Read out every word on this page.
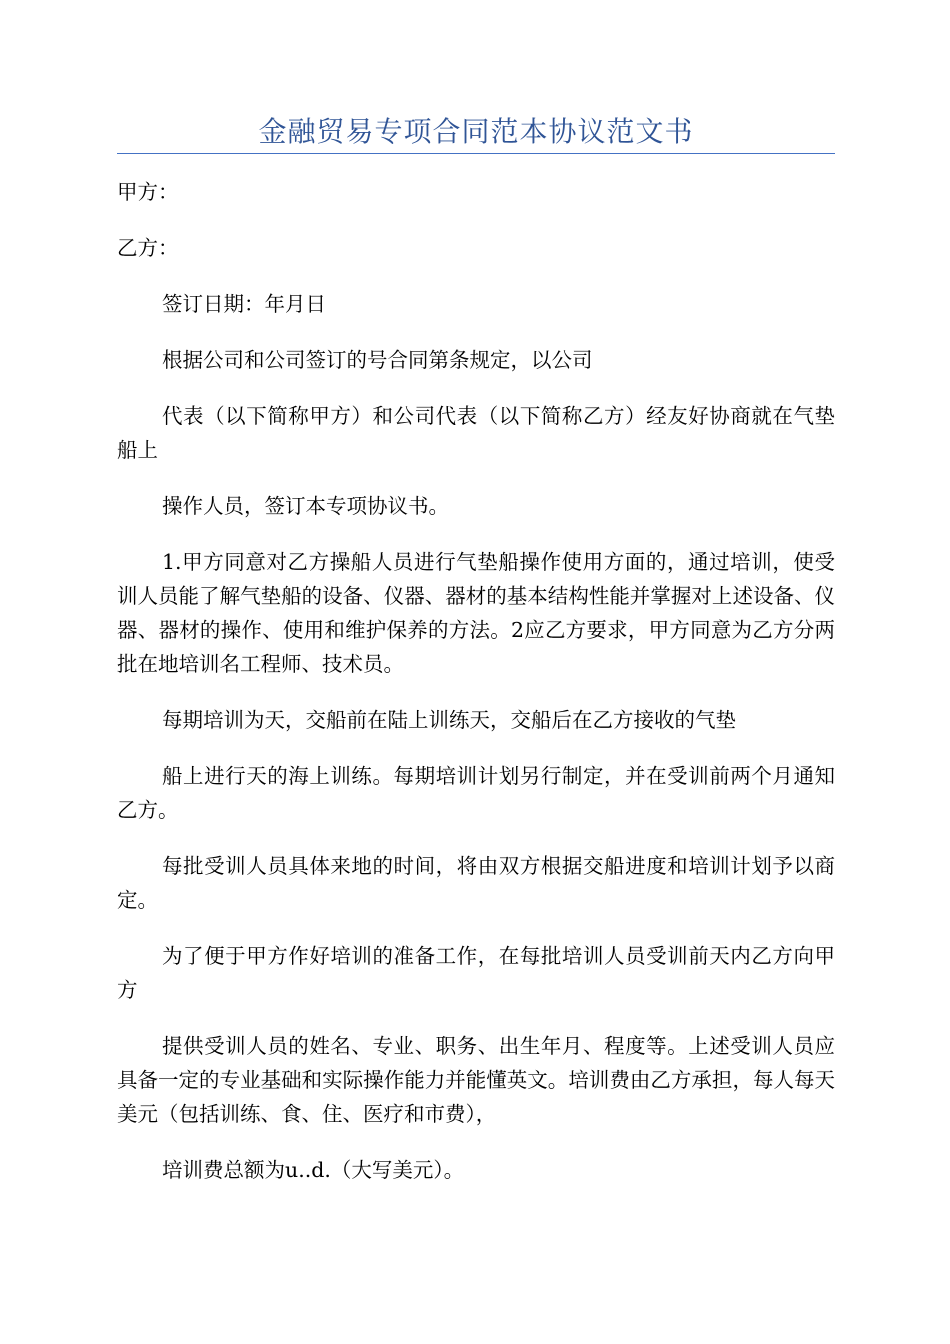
金融贸易专项合同范本协议范文书

甲方：

乙方：

签订日期：年月日

根据公司和公司签订的号合同第条规定，以公司

代表（以下简称甲方）和公司代表（以下简称乙方）经友好协商就在气垫船上

操作人员，签订本专项协议书。

1.甲方同意对乙方操船人员进行气垫船操作使用方面的，通过培训，使受训人员能了解气垫船的设备、仪器、器材的基本结构性能并掌握对上述设备、仪器、器材的操作、使用和维护保养的方法。2应乙方要求，甲方同意为乙方分两批在地培训名工程师、技术员。

每期培训为天，交船前在陆上训练天，交船后在乙方接收的气垫

船上进行天的海上训练。每期培训计划另行制定，并在受训前两个月通知乙方。

每批受训人员具体来地的时间，将由双方根据交船进度和培训计划予以商定。

为了便于甲方作好培训的准备工作，在每批培训人员受训前天内乙方向甲方

提供受训人员的姓名、专业、职务、出生年月、程度等。上述受训人员应具备一定的专业基础和实际操作能力并能懂英文。培训费由乙方承担，每人每天美元（包括训练、食、住、医疗和市费），

培训费总额为u..d.（大写美元）。
